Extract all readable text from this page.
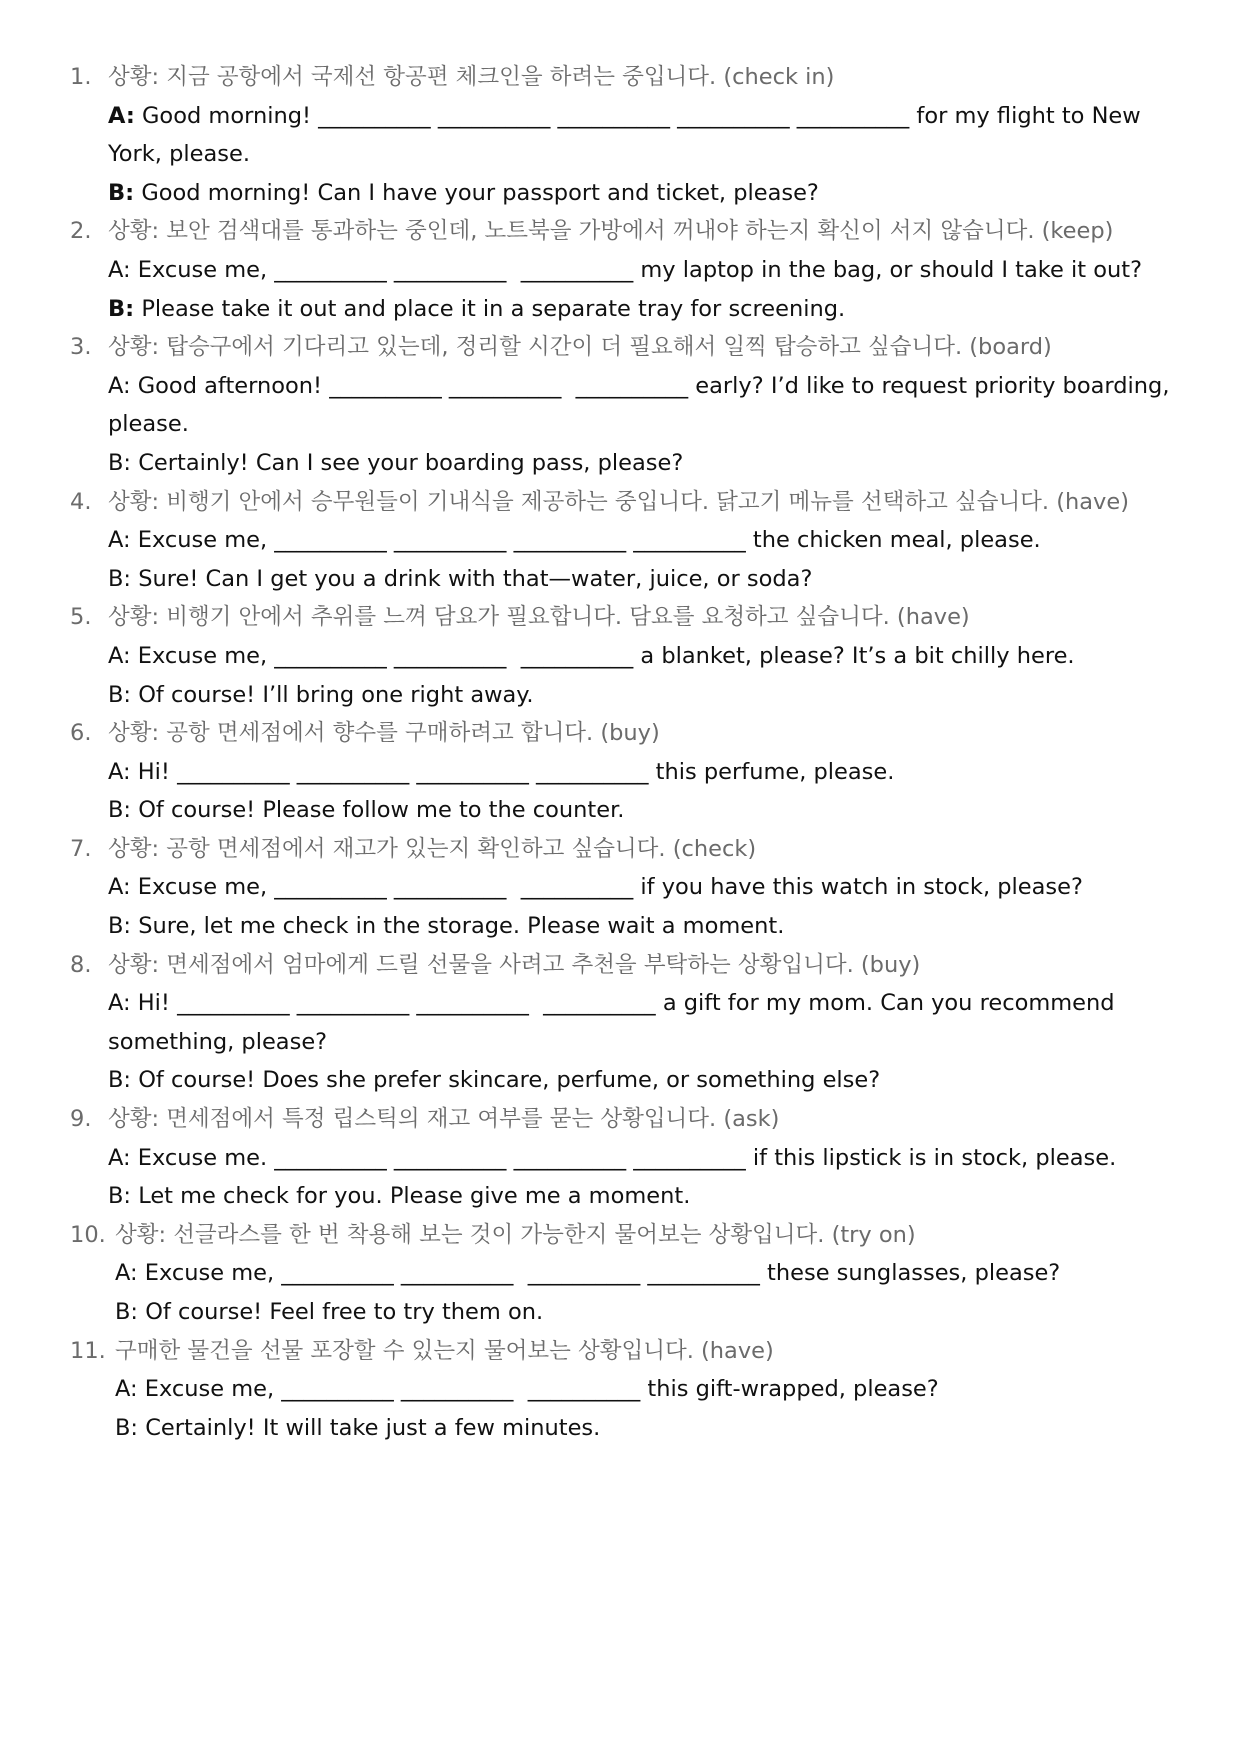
1. 상황: 지금 공항에서 국제선 항공편 체크인을 하려는 중입니다. (check in)
A: Good morning! __________ __________ __________ __________ __________ for my flight to New York, please.
B: Good morning! Can I have your passport and ticket, please?
2. 상황: 보안 검색대를 통과하는 중인데, 노트북을 가방에서 꺼내야 하는지 확신이 서지 않습니다. (keep)
A: Excuse me, __________ __________  __________ my laptop in the bag, or should I take it out?
B: Please take it out and place it in a separate tray for screening.
3. 상황: 탑승구에서 기다리고 있는데, 정리할 시간이 더 필요해서 일찍 탑승하고 싶습니다. (board)
A: Good afternoon! __________ __________  __________ early? I’d like to request priority boarding, please.
B: Certainly! Can I see your boarding pass, please?
4. 상황: 비행기 안에서 승무원들이 기내식을 제공하는 중입니다. 닭고기 메뉴를 선택하고 싶습니다. (have)
A: Excuse me, __________ __________ __________ __________ the chicken meal, please.
B: Sure! Can I get you a drink with that—water, juice, or soda?
5. 상황: 비행기 안에서 추위를 느껴 담요가 필요합니다. 담요를 요청하고 싶습니다. (have)
A: Excuse me, __________ __________  __________ a blanket, please? It’s a bit chilly here.
B: Of course! I’ll bring one right away.
6. 상황: 공항 면세점에서 향수를 구매하려고 합니다. (buy)
A: Hi! __________ __________ __________ __________ this perfume, please.
B: Of course! Please follow me to the counter.
7. 상황: 공항 면세점에서 재고가 있는지 확인하고 싶습니다. (check)
A: Excuse me, __________ __________  __________ if you have this watch in stock, please?
B: Sure, let me check in the storage. Please wait a moment.
8. 상황: 면세점에서 엄마에게 드릴 선물을 사려고 추천을 부탁하는 상황입니다. (buy)
A: Hi! __________ __________ __________  __________ a gift for my mom. Can you recommend something, please?
B: Of course! Does she prefer skincare, perfume, or something else?
9. 상황: 면세점에서 특정 립스틱의 재고 여부를 묻는 상황입니다. (ask)
A: Excuse me. __________ __________ __________ __________ if this lipstick is in stock, please.
B: Let me check for you. Please give me a moment.
10. 상황: 선글라스를 한 번 착용해 보는 것이 가능한지 물어보는 상황입니다. (try on)
A: Excuse me, __________ __________  __________ __________ these sunglasses, please?
B: Of course! Feel free to try them on.
11. 구매한 물건을 선물 포장할 수 있는지 물어보는 상황입니다. (have)
A: Excuse me, __________ __________  __________ this gift-wrapped, please?
B: Certainly! It will take just a few minutes.
